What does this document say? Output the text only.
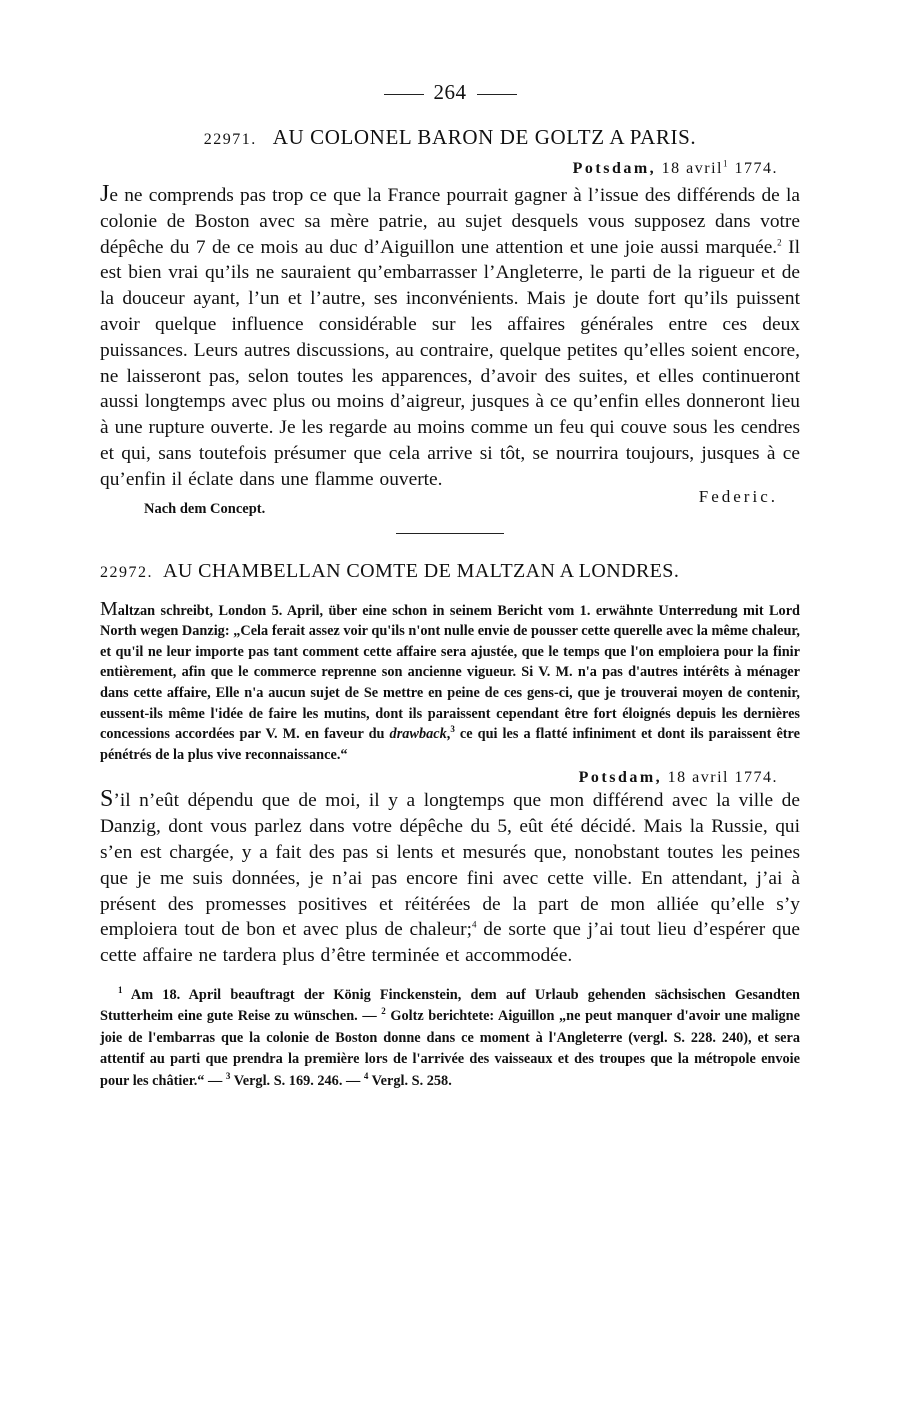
264
22971. AU COLONEL BARON DE GOLTZ A PARIS.
Potsdam, 18 avril$^1$ 1774.
Je ne comprends pas trop ce que la France pourrait gagner à l’issue des différends de la colonie de Boston avec sa mère patrie, au sujet desquels vous supposez dans votre dépêche du 7 de ce mois au duc d’Aiguillon une attention et une joie aussi marquée.$^2$ Il est bien vrai qu’ils ne sauraient qu’embarrasser l’Angleterre, le parti de la rigueur et de la douceur ayant, l’un et l’autre, ses inconvénients. Mais je doute fort qu’ils puissent avoir quelque influence considérable sur les affaires générales entre ces deux puissances. Leurs autres discussions, au contraire, quelque petites qu’elles soient encore, ne laisseront pas, selon toutes les apparences, d’avoir des suites, et elles continueront aussi longtemps avec plus ou moins d’aigreur, jusques à ce qu’enfin elles donneront lieu à une rupture ouverte. Je les regarde au moins comme un feu qui couve sous les cendres et qui, sans toutefois présumer que cela arrive si tôt, se nourrira toujours, jusques à ce qu’enfin il éclate dans une flamme ouverte.
Nach dem Concept.
Federic.
22972. AU CHAMBELLAN COMTE DE MALTZAN A LONDRES.
Maltzan schreibt, London 5. April, über eine schon in seinem Bericht vom 1. erwähnte Unterredung mit Lord North wegen Danzig: „Cela ferait assez voir qu'ils n'ont nulle envie de pousser cette querelle avec la même chaleur, et qu'il ne leur importe pas tant comment cette affaire sera ajustée, que le temps que l'on emploiera pour la finir entièrement, afin que le commerce reprenne son ancienne vigueur. Si V. M. n'a pas d'autres intérêts à ménager dans cette affaire, Elle n'a aucun sujet de Se mettre en peine de ces gens-ci, que je trouverai moyen de contenir, eussent-ils même l'idée de faire les mutins, dont ils paraissent cependant être fort éloignés depuis les dernières concessions accordées par V. M. en faveur du drawback,$^3$ ce qui les a flatté infiniment et dont ils paraissent être pénétrés de la plus vive reconnaissance.“
Potsdam, 18 avril 1774.
S’il n’eût dépendu que de moi, il y a longtemps que mon différend avec la ville de Danzig, dont vous parlez dans votre dépêche du 5, eût été décidé. Mais la Russie, qui s’en est chargée, y a fait des pas si lents et mesurés que, nonobstant toutes les peines que je me suis données, je n’ai pas encore fini avec cette ville. En attendant, j’ai à présent des promesses positives et réitérées de la part de mon alliée qu’elle s’y emploiera tout de bon et avec plus de chaleur;$^4$ de sorte que j’ai tout lieu d’espérer que cette affaire ne tardera plus d’être terminée et accommodée.
$^1$ Am 18. April beauftragt der König Finckenstein, dem auf Urlaub gehenden sächsischen Gesandten Stutterheim eine gute Reise zu wünschen. — $^2$ Goltz berichtete: Aiguillon „ne peut manquer d'avoir une maligne joie de l'embarras que la colonie de Boston donne dans ce moment à l'Angleterre (vergl. S. 228. 240), et sera attentif au parti que prendra la première lors de l'arrivée des vaisseaux et des troupes que la métropole envoie pour les châtier.“ — $^3$ Vergl. S. 169. 246. — $^4$ Vergl. S. 258.
